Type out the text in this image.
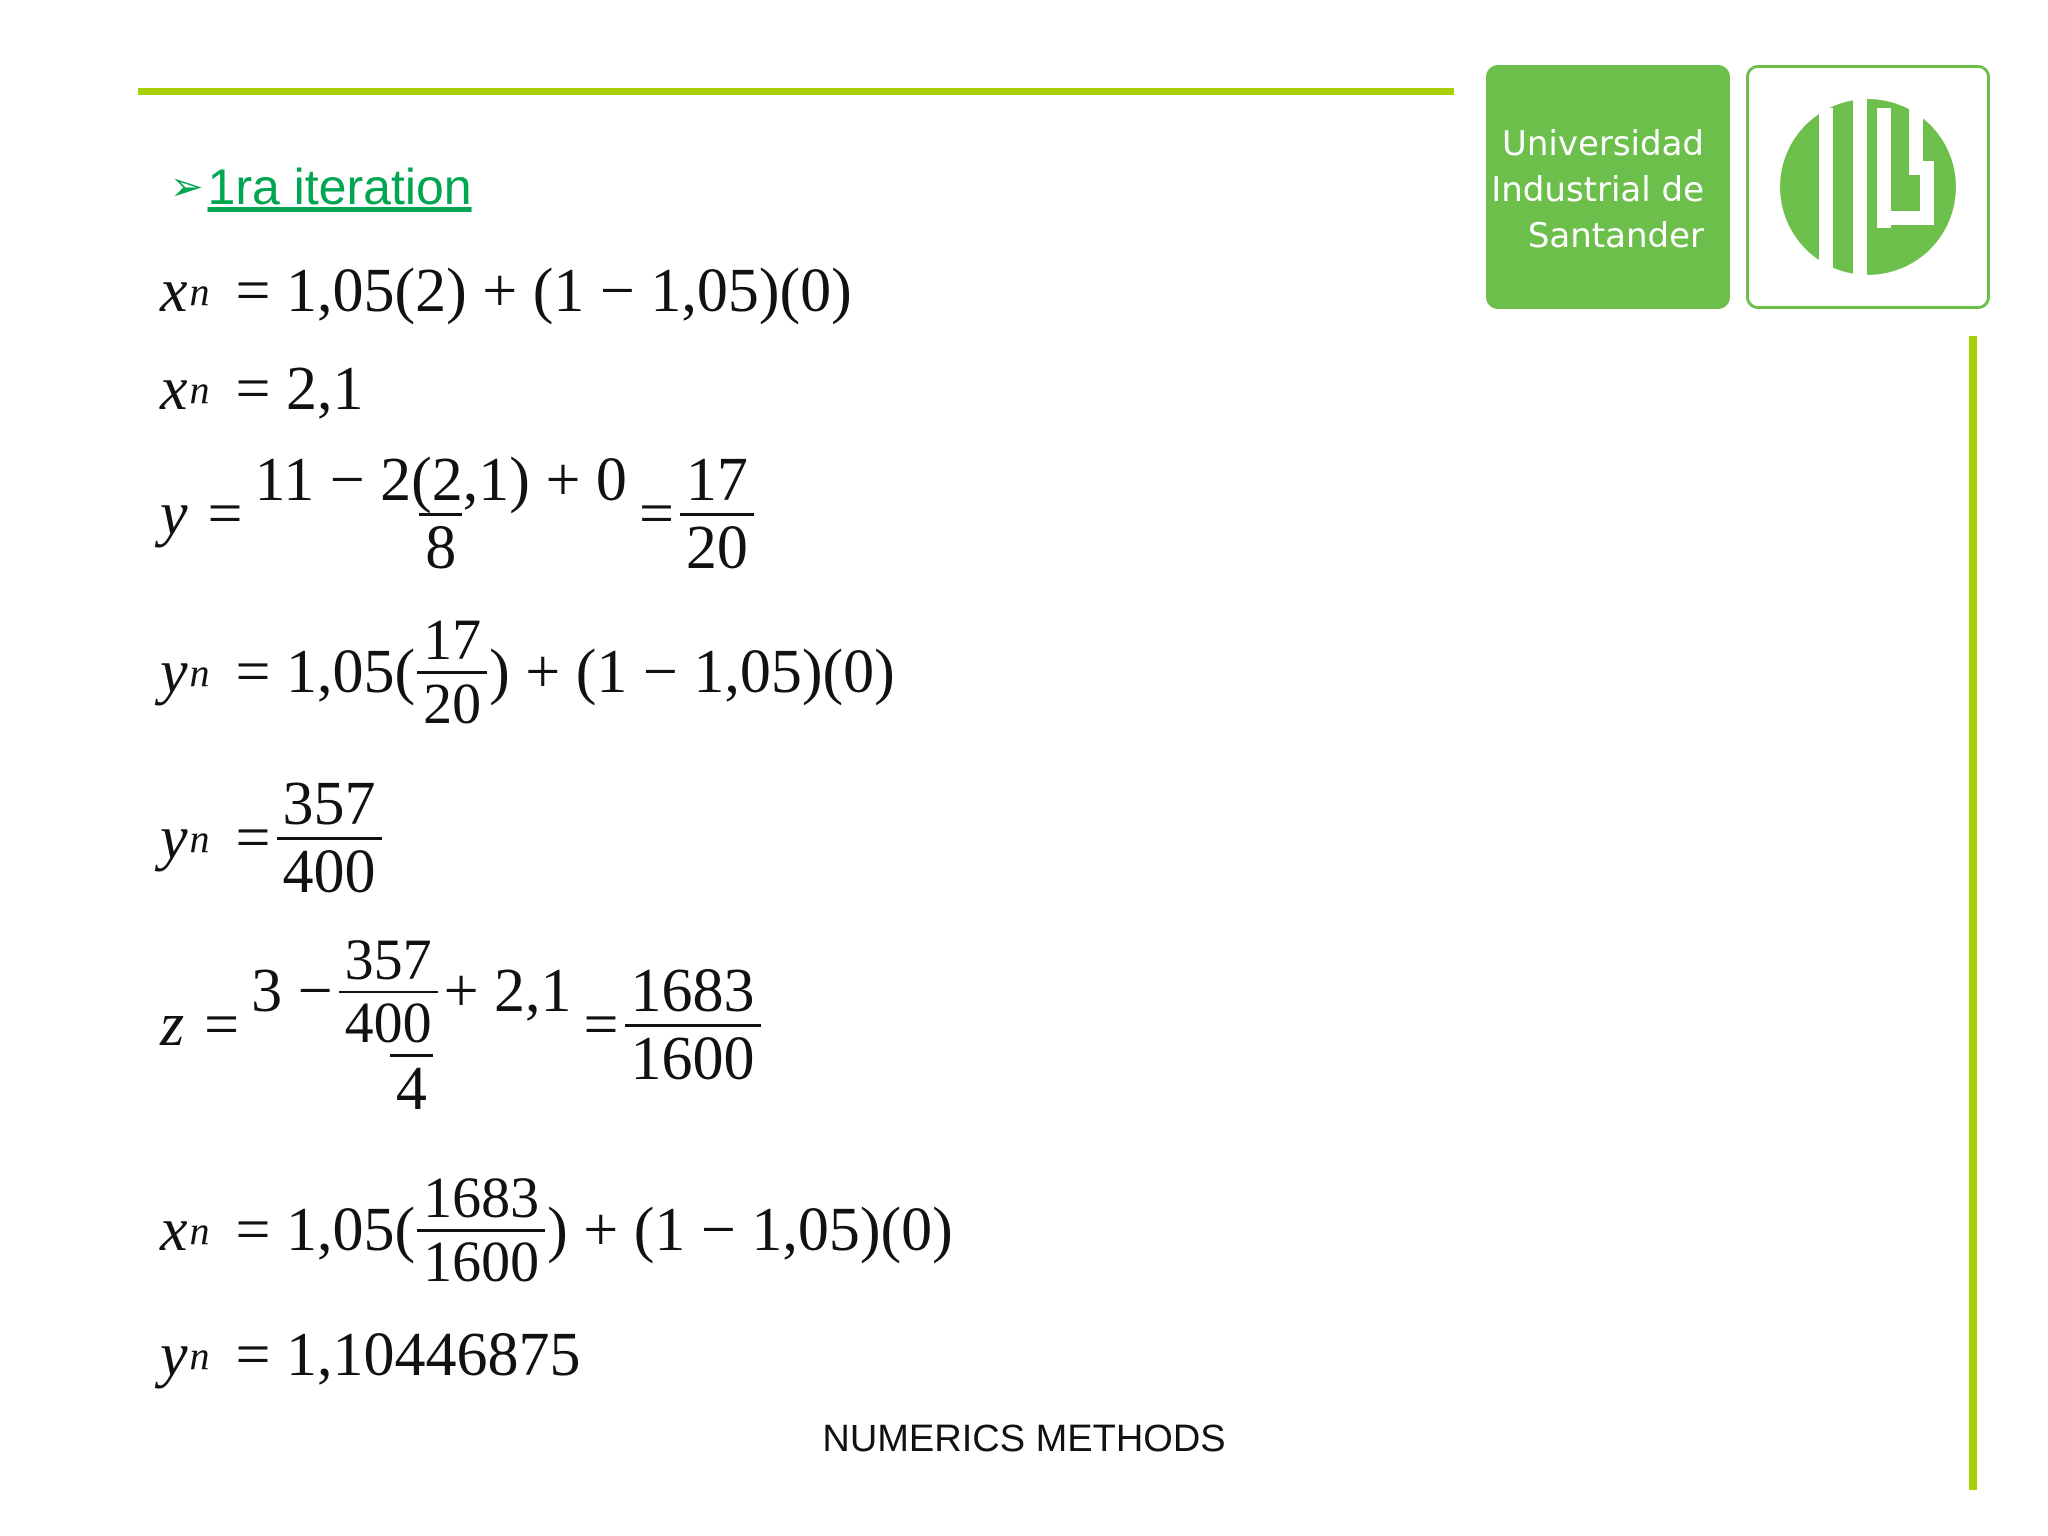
Universidad
Industrial de
Santander
➢1ra iteration
x n = 1,05(2) + (1 − 1,05)(0)
x n = 2,1
$y = \frac{11 - 2(2,1) + 0}{8} = \frac{17}{20}$
y $n = 1,05( \frac{17}{20}$ ) + (1 − 1,05)(0)
y $n = \frac{357}{400}$
$z = \frac{3 - \frac{357}{400} + 2,1}{4} = \frac{1683}{1600}$
x $n = 1,05( \frac{1683}{1600}$ ) + (1 − 1,05)(0)
y n = 1,10446875
NUMERICS METHODS
